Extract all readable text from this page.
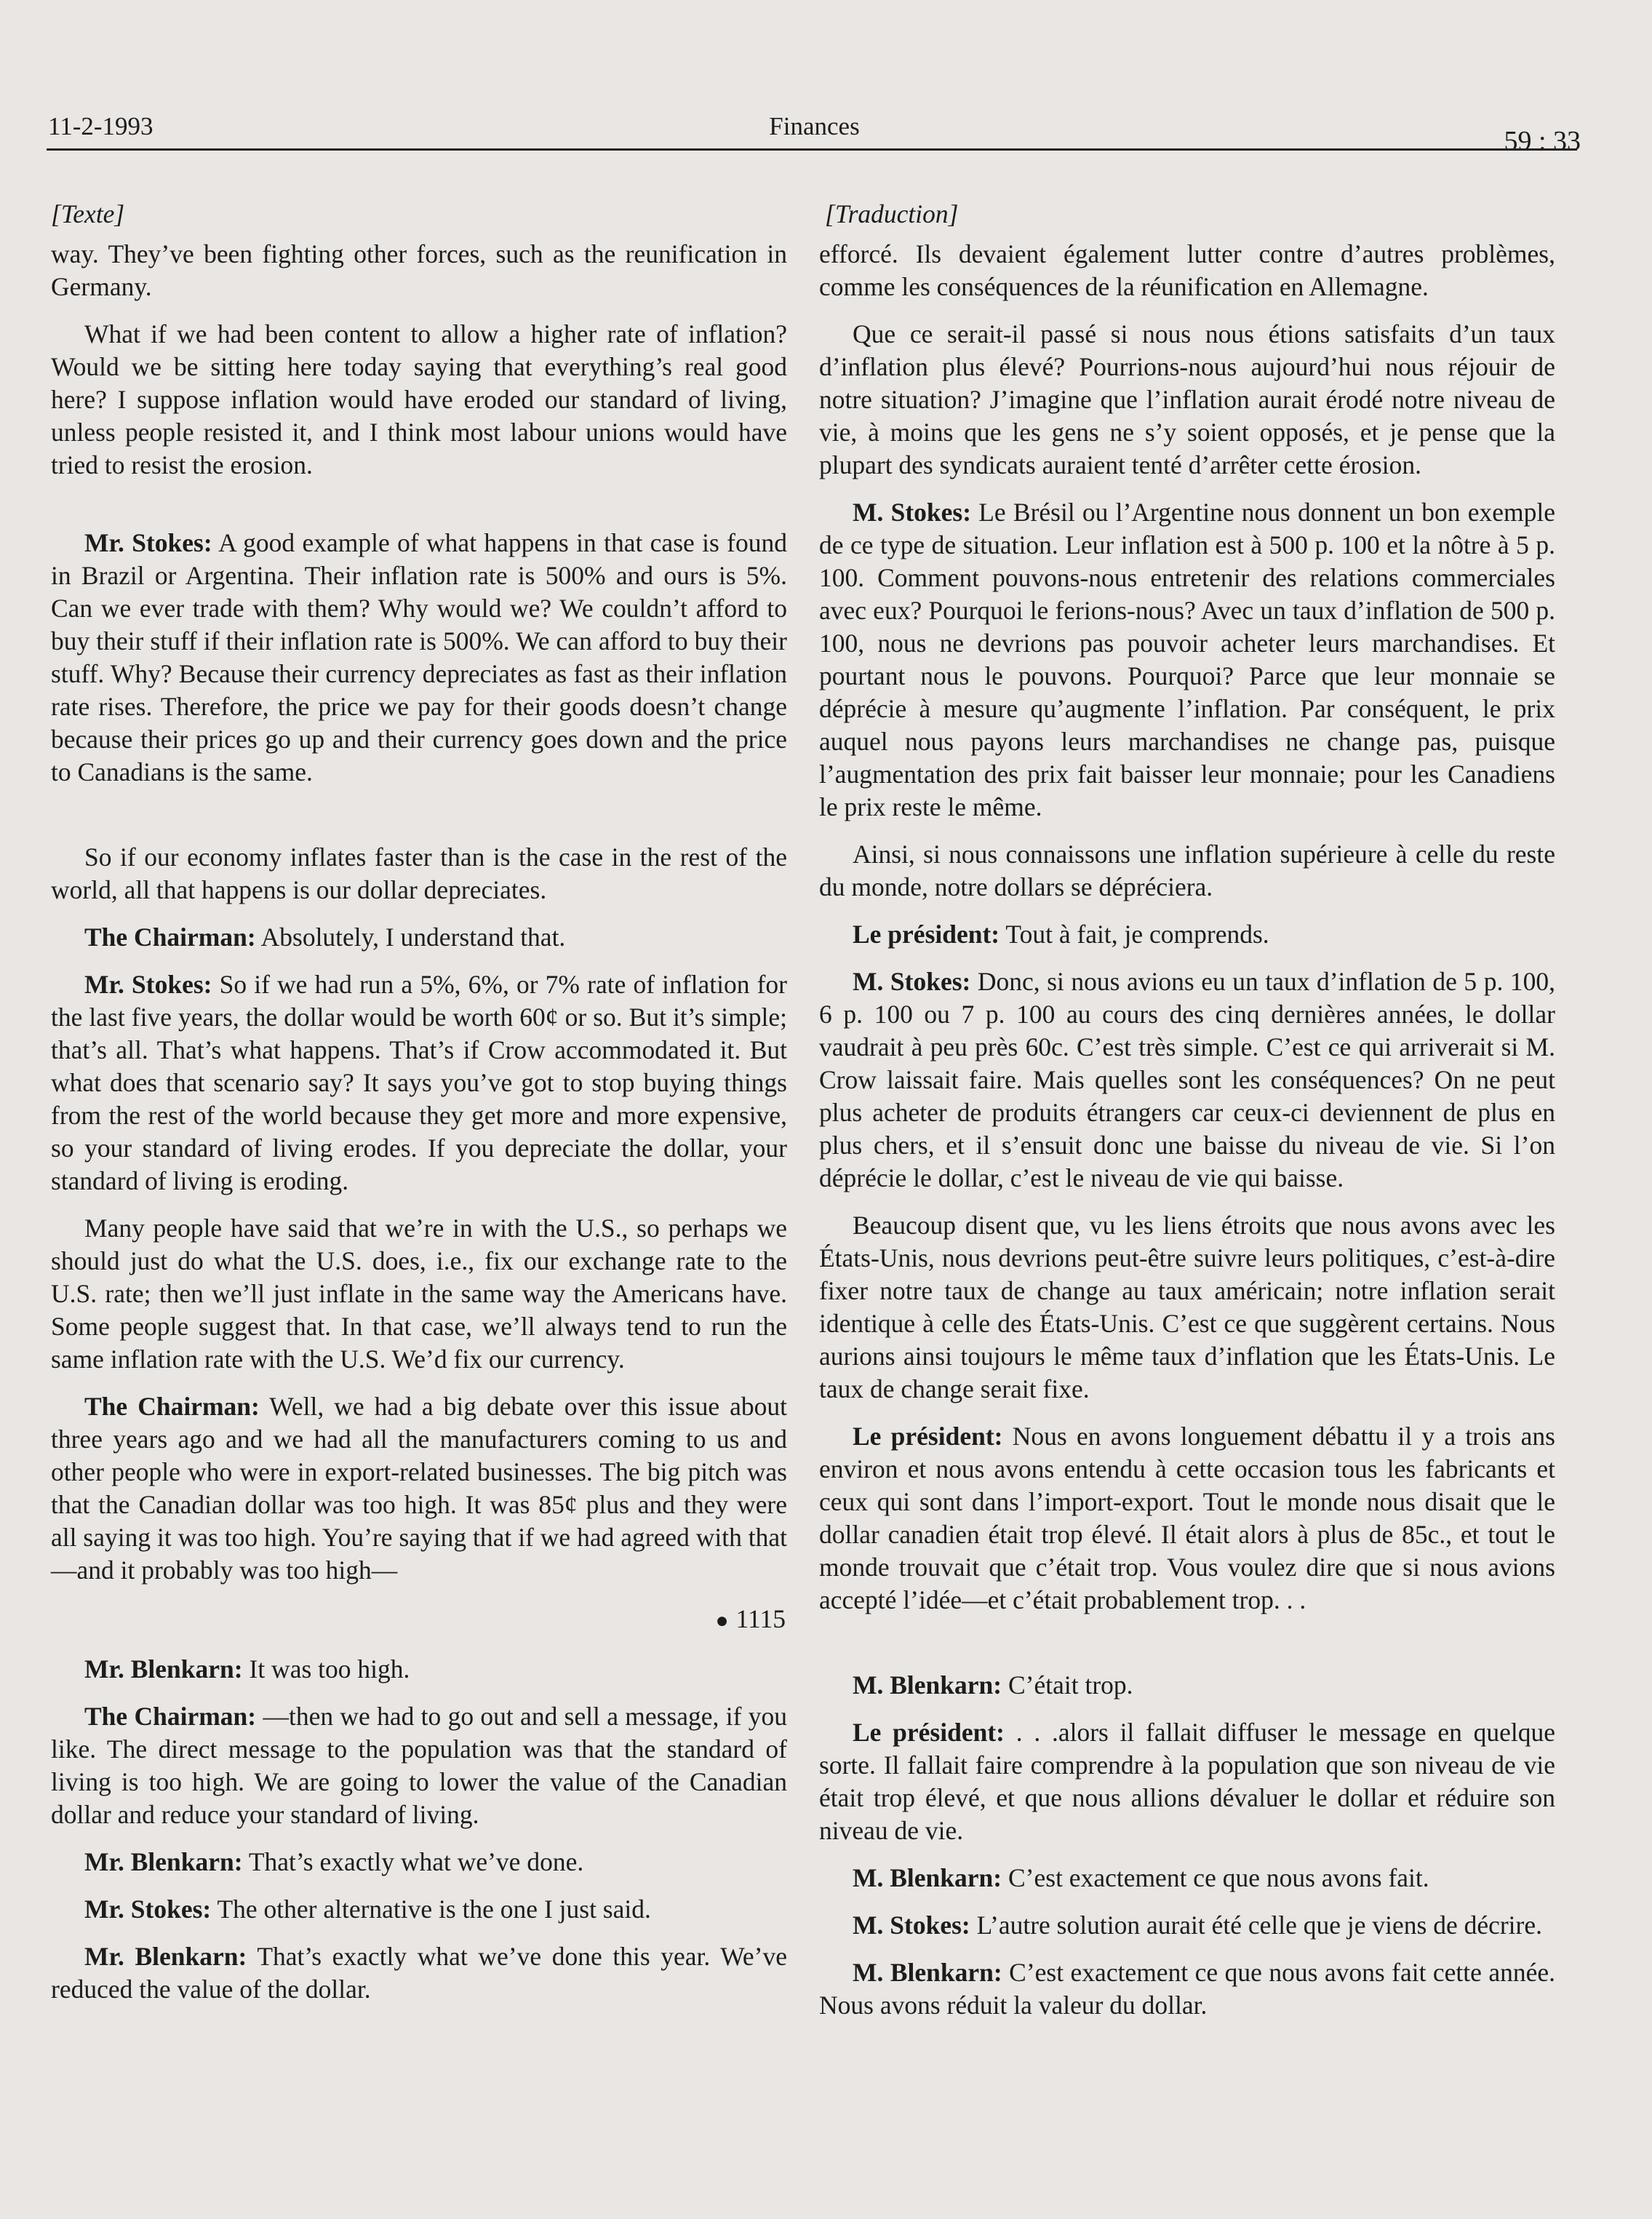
11-2-1993	Finances	59 : 33
[Texte]

way. They’ve been fighting other forces, such as the reunification in Germany.

What if we had been content to allow a higher rate of inflation? Would we be sitting here today saying that everything’s real good here? I suppose inflation would have eroded our standard of living, unless people resisted it, and I think most labour unions would have tried to resist the erosion.

Mr. Stokes: A good example of what happens in that case is found in Brazil or Argentina. Their inflation rate is 500% and ours is 5%. Can we ever trade with them? Why would we? We couldn’t afford to buy their stuff if their inflation rate is 500%. We can afford to buy their stuff. Why? Because their currency depreciates as fast as their inflation rate rises. Therefore, the price we pay for their goods doesn’t change because their prices go up and their currency goes down and the price to Canadians is the same.

So if our economy inflates faster than is the case in the rest of the world, all that happens is our dollar depreciates.

The Chairman: Absolutely, I understand that.

Mr. Stokes: So if we had run a 5%, 6%, or 7% rate of inflation for the last five years, the dollar would be worth 60¢ or so. But it’s simple; that’s all. That’s what happens. That’s if Crow accommodated it. But what does that scenario say? It says you’ve got to stop buying things from the rest of the world because they get more and more expensive, so your standard of living erodes. If you depreciate the dollar, your standard of living is eroding.

Many people have said that we’re in with the U.S., so perhaps we should just do what the U.S. does, i.e., fix our exchange rate to the U.S. rate; then we’ll just inflate in the same way the Americans have. Some people suggest that. In that case, we’ll always tend to run the same inflation rate with the U.S. We’d fix our currency.

The Chairman: Well, we had a big debate over this issue about three years ago and we had all the manufacturers coming to us and other people who were in export-related businesses. The big pitch was that the Canadian dollar was too high. It was 85¢ plus and they were all saying it was too high. You’re saying that if we had agreed with that—and it probably was too high—

● 1115

Mr. Blenkarn: It was too high.

The Chairman: —then we had to go out and sell a message, if you like. The direct message to the population was that the standard of living is too high. We are going to lower the value of the Canadian dollar and reduce your standard of living.

Mr. Blenkarn: That’s exactly what we’ve done.

Mr. Stokes: The other alternative is the one I just said.

Mr. Blenkarn: That’s exactly what we’ve done this year. We’ve reduced the value of the dollar.

[Traduction]

efforcé. Ils devaient également lutter contre d’autres problèmes, comme les conséquences de la réunification en Allemagne.

Que ce serait-il passé si nous nous étions satisfaits d’un taux d’inflation plus élevé? Pourrions-nous aujourd’hui nous réjouir de notre situation? J’imagine que l’inflation aurait érodé notre niveau de vie, à moins que les gens ne s’y soient opposés, et je pense que la plupart des syndicats auraient tenté d’arrêter cette érosion.

M. Stokes: Le Brésil ou l’Argentine nous donnent un bon exemple de ce type de situation. Leur inflation est à 500 p. 100 et la nôtre à 5 p. 100. Comment pouvons-nous entretenir des relations commerciales avec eux? Pourquoi le ferions-nous? Avec un taux d’inflation de 500 p. 100, nous ne devrions pas pouvoir acheter leurs marchandises. Et pourtant nous le pouvons. Pourquoi? Parce que leur monnaie se déprécie à mesure qu’augmente l’inflation. Par conséquent, le prix auquel nous payons leurs marchandises ne change pas, puisque l’augmentation des prix fait baisser leur monnaie; pour les Canadiens le prix reste le même.

Ainsi, si nous connaissons une inflation supérieure à celle du reste du monde, notre dollars se dépréciera.

Le président: Tout à fait, je comprends.

M. Stokes: Donc, si nous avions eu un taux d’inflation de 5 p. 100, 6 p. 100 ou 7 p. 100 au cours des cinq dernières années, le dollar vaudrait à peu près 60c. C’est très simple. C’est ce qui arriverait si M. Crow laissait faire. Mais quelles sont les conséquences? On ne peut plus acheter de produits étrangers car ceux-ci deviennent de plus en plus chers, et il s’ensuit donc une baisse du niveau de vie. Si l’on déprécie le dollar, c’est le niveau de vie qui baisse.

Beaucoup disent que, vu les liens étroits que nous avons avec les États-Unis, nous devrions peut-être suivre leurs politiques, c’est-à-dire fixer notre taux de change au taux américain; notre inflation serait identique à celle des États-Unis. C’est ce que suggèrent certains. Nous aurions ainsi toujours le même taux d’inflation que les États-Unis. Le taux de change serait fixe.

Le président: Nous en avons longuement débattu il y a trois ans environ et nous avons entendu à cette occasion tous les fabricants et ceux qui sont dans l’import-export. Tout le monde nous disait que le dollar canadien était trop élevé. Il était alors à plus de 85c., et tout le monde trouvait que c’était trop. Vous voulez dire que si nous avions accepté l’idée—et c’était probablement trop. . .

M. Blenkarn: C’était trop.

Le président: . . .alors il fallait diffuser le message en quelque sorte. Il fallait faire comprendre à la population que son niveau de vie était trop élevé, et que nous allions dévaluer le dollar et réduire son niveau de vie.

M. Blenkarn: C’est exactement ce que nous avons fait.

M. Stokes: L’autre solution aurait été celle que je viens de décrire.

M. Blenkarn: C’est exactement ce que nous avons fait cette année. Nous avons réduit la valeur du dollar.
